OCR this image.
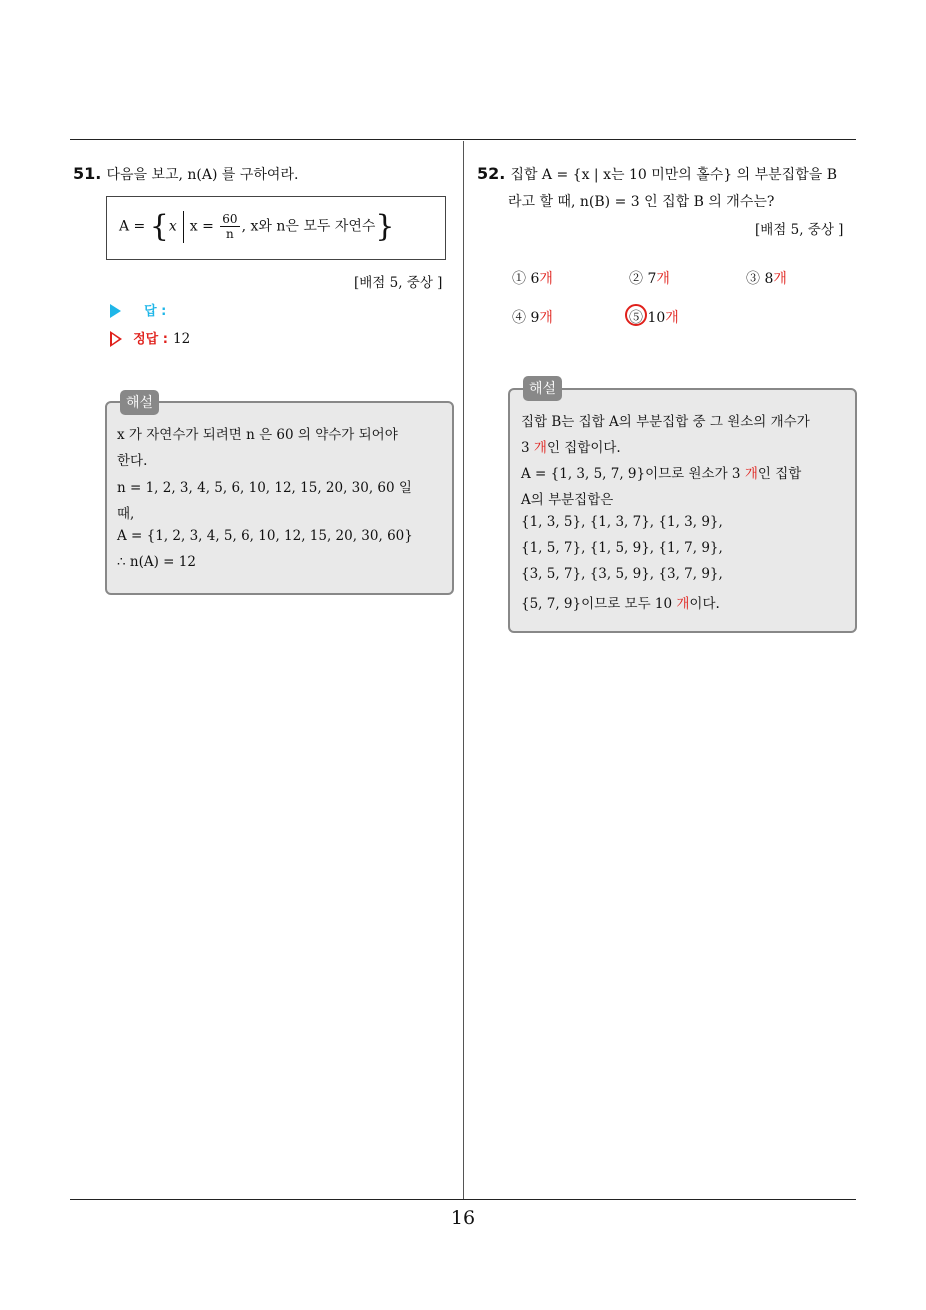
51. 다음을 보고, n(A) 를 구하여라.
A = {x $x = \frac{60}{n}$ , x와 n은 모두 자연수}
[배점 5, 중상 ]
답 :
정답 : 12
해설
x 가 자연수가 되려면 n 은 60 의 약수가 되어야
한다.
n = 1, 2, 3, 4, 5, 6, 10, 12, 15, 20, 30, 60 일
때,
A = {1, 2, 3, 4, 5, 6, 10, 12, 15, 20, 30, 60}
∴ n(A) = 12
52. 집합 A = {x | x는 10 미만의 홀수} 의 부분집합을 B
라고 할 때, n(B) = 3 인 집합 B 의 개수는?
[배점 5, 중상 ]
① 6개	② 7개	③ 8개
④ 9개	⑤ 10개
해설
집합 B는 집합 A의 부분집합 중 그 원소의 개수가
3 개인 집합이다.
A = {1, 3, 5, 7, 9}이므로 원소가 3 개인 집합
A의 부분집합은
{1, 3, 5}, {1, 3, 7}, {1, 3, 9},
{1, 5, 7}, {1, 5, 9}, {1, 7, 9},
{3, 5, 7}, {3, 5, 9}, {3, 7, 9},
{5, 7, 9}이므로 모두 10 개이다.
16
